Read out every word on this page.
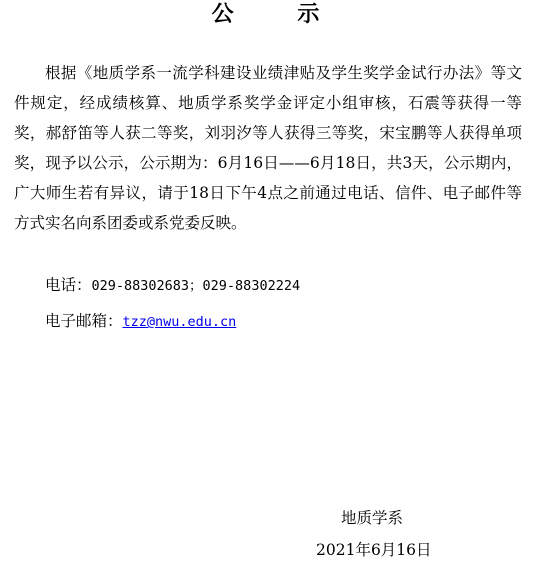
公 示

根据《地质学系一流学科建设业绩津贴及学生奖学金试行办法》等文件规定，经成绩核算、地质学系奖学金评定小组审核，石震等获得一等奖，郝舒笛等人获二等奖，刘羽汐等人获得三等奖，宋宝鹏等人获得单项奖，现予以公示，公示期为：6月16日——6月18日，共3天，公示期内，广大师生若有异议，请于18日下午4点之前通过电话、信件、电子邮件等方式实名向系团委或系党委反映。

电话：029-88302683；029-88302224
电子邮箱：tzz@nwu.edu.cn
地质学系
2021年6月16日
